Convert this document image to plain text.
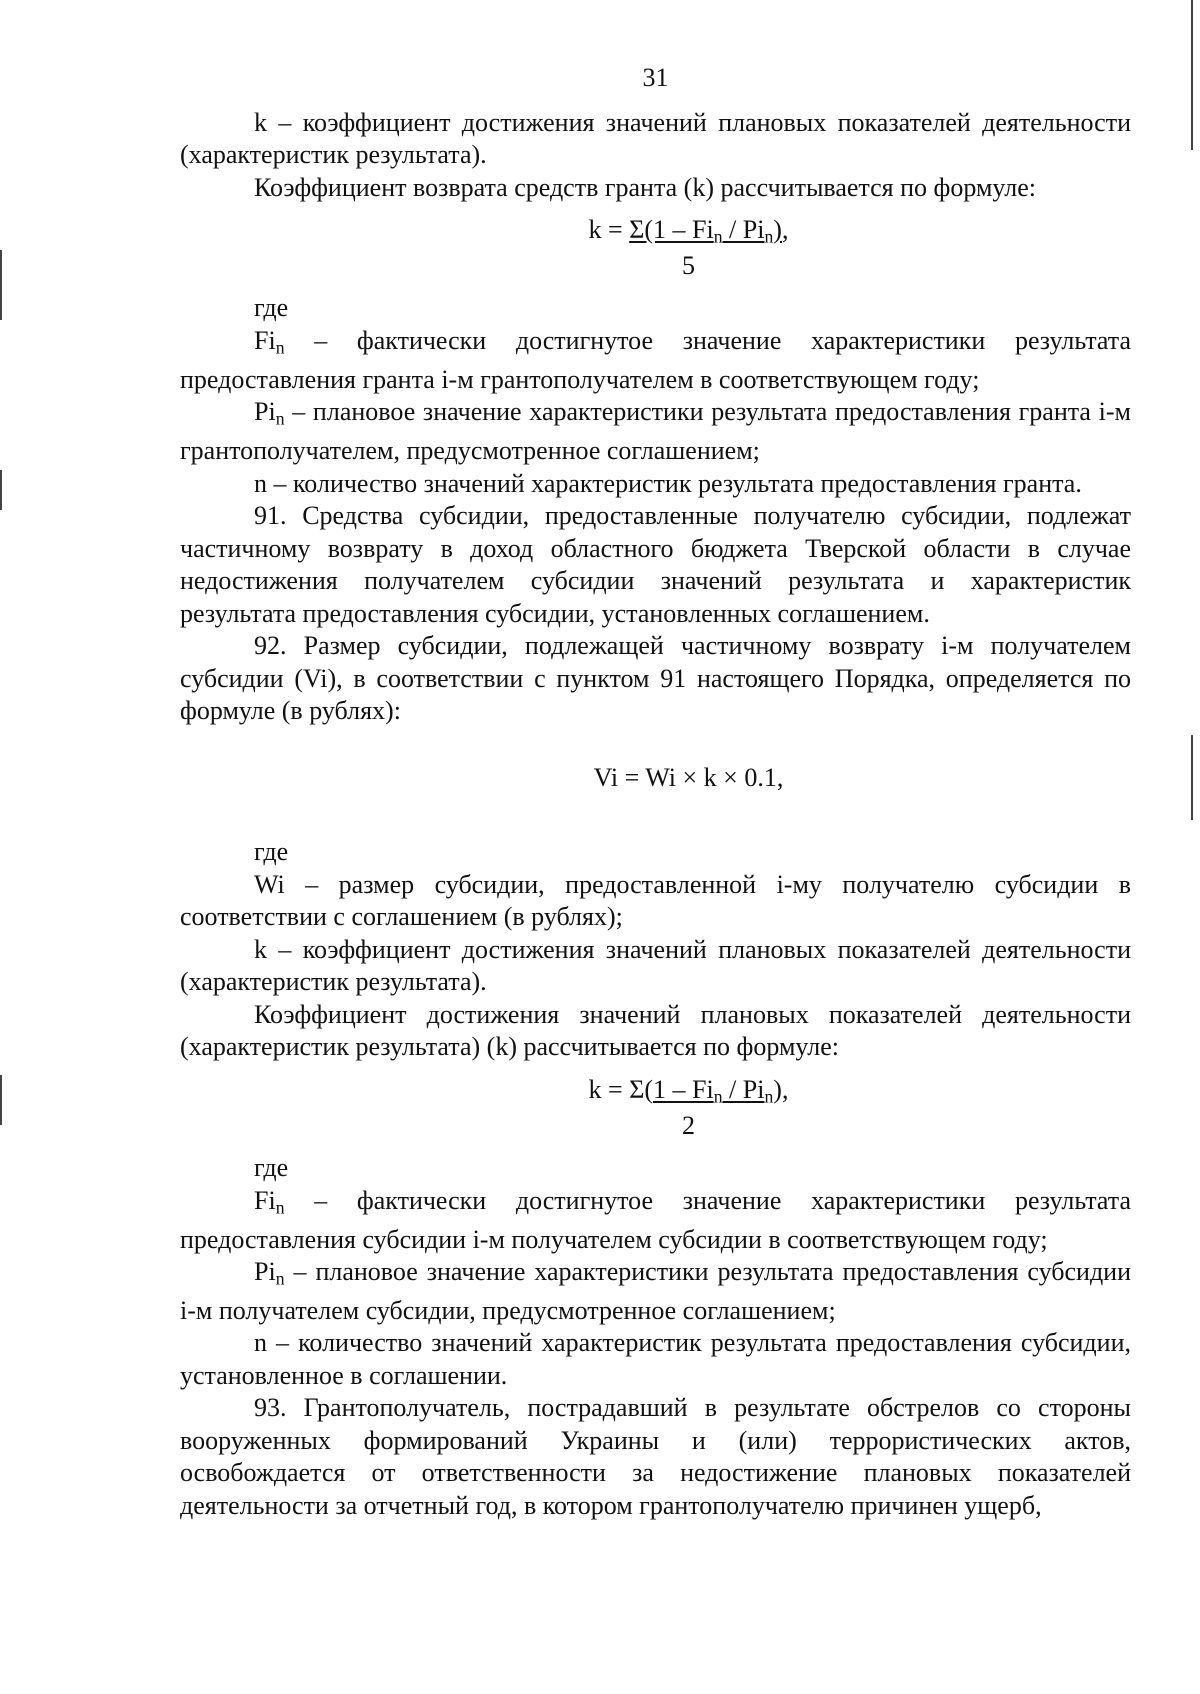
31

k – коэффициент достижения значений плановых показателей деятельности (характеристик результата).

Коэффициент возврата средств гранта (k) рассчитывается по формуле:

k = Σ(1 – Fin / Pin),
5

где

Fin – фактически достигнутое значение характеристики результата предоставления гранта i-м грантополучателем в соответствующем году;

Pin – плановое значение характеристики результата предоставления гранта i-м грантополучателем, предусмотренное соглашением;

n – количество значений характеристик результата предоставления гранта.

91. Средства субсидии, предоставленные получателю субсидии, подлежат частичному возврату в доход областного бюджета Тверской области в случае недостижения получателем субсидии значений результата и характеристик результата предоставления субсидии, установленных соглашением.

92. Размер субсидии, подлежащей частичному возврату i-м получателем субсидии (Vi), в соответствии с пунктом 91 настоящего Порядка, определяется по формуле (в рублях):

Vi = Wi × k × 0.1,

где

Wi – размер субсидии, предоставленной i-му получателю субсидии в соответствии с соглашением (в рублях);

k – коэффициент достижения значений плановых показателей деятельности (характеристик результата).

Коэффициент достижения значений плановых показателей деятельности (характеристик результата) (k) рассчитывается по формуле:

k = Σ(1 – Fin / Pin),
2

где

Fin – фактически достигнутое значение характеристики результата предоставления субсидии i-м получателем субсидии в соответствующем году;

Pin – плановое значение характеристики результата предоставления субсидии i-м получателем субсидии, предусмотренное соглашением;

n – количество значений характеристик результата предоставления субсидии, установленное в соглашении.

93. Грантополучатель, пострадавший в результате обстрелов со стороны вооруженных формирований Украины и (или) террористических актов, освобождается от ответственности за недостижение плановых показателей деятельности за отчетный год, в котором грантополучателю причинен ущерб,
